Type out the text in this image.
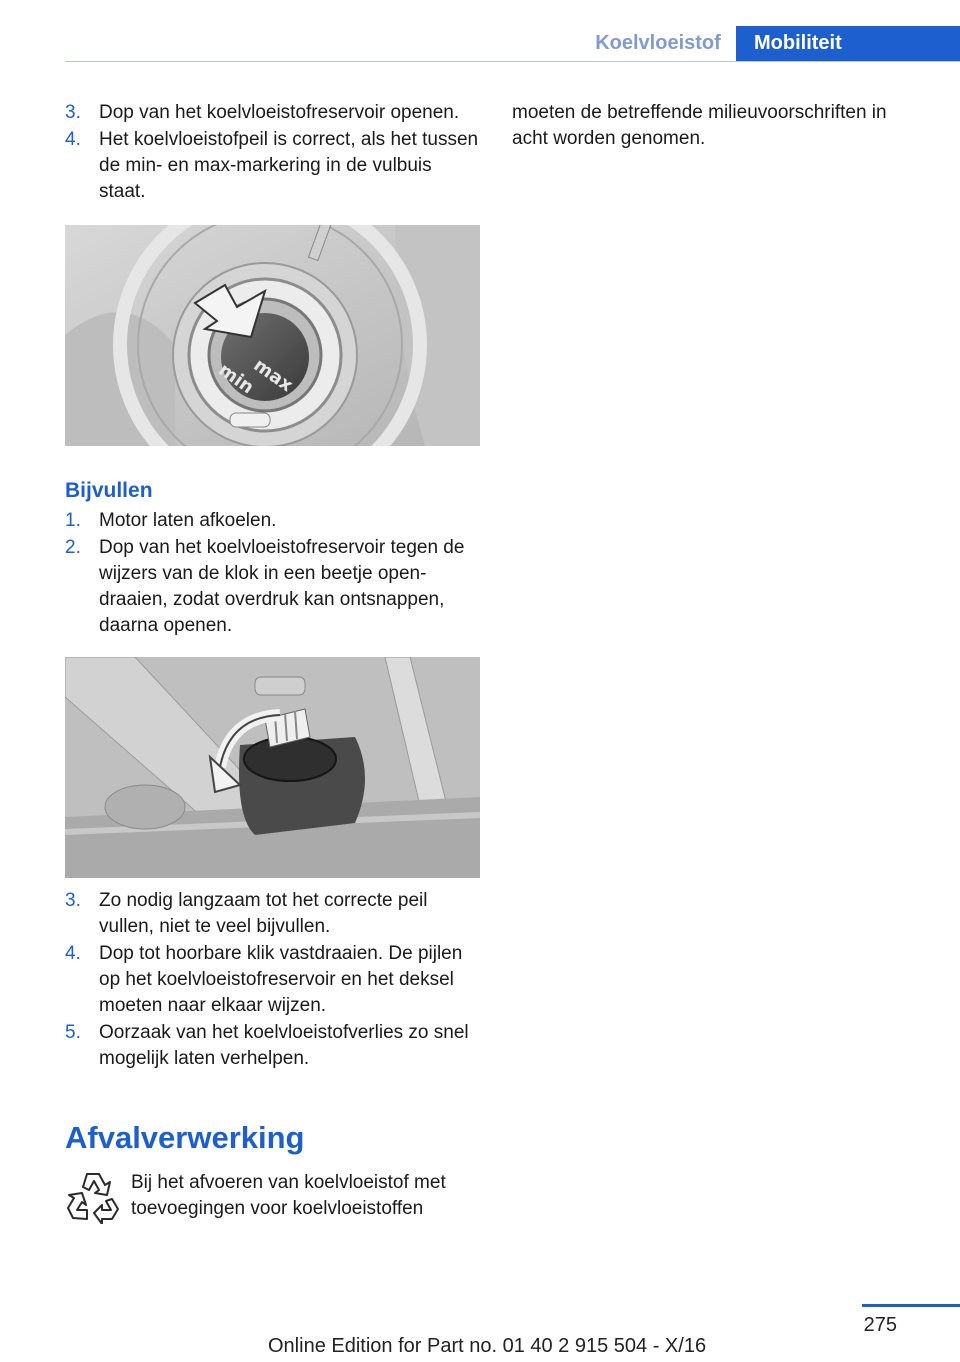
Koelvloeistof	Mobiliteit
3. Dop van het koelvloeistofreservoir openen.
4. Het koelvloeistofpeil is correct, als het tussen de min- en max-markering in de vulbuis staat.
max
min
Bijvullen
1. Motor laten afkoelen.
2. Dop van het koelvloeistofreservoir tegen de wijzers van de klok in een beetje opendraaien, zodat overdruk kan ontsnappen, daarna openen.
3. Zo nodig langzaam tot het correcte peil vullen, niet te veel bijvullen.
4. Dop tot hoorbare klik vastdraaien. De pijlen op het koelvloeistofreservoir en het deksel moeten naar elkaar wijzen.
5. Oorzaak van het koelvloeistofverlies zo snel mogelijk laten verhelpen.
Afvalverwerking
Bij het afvoeren van koelvloeistof met toevoegingen voor koelvloeistoffen

moeten de betreffende milieuvoorschriften in acht worden genomen.

275
Online Edition for Part no. 01 40 2 915 504 - X/16
